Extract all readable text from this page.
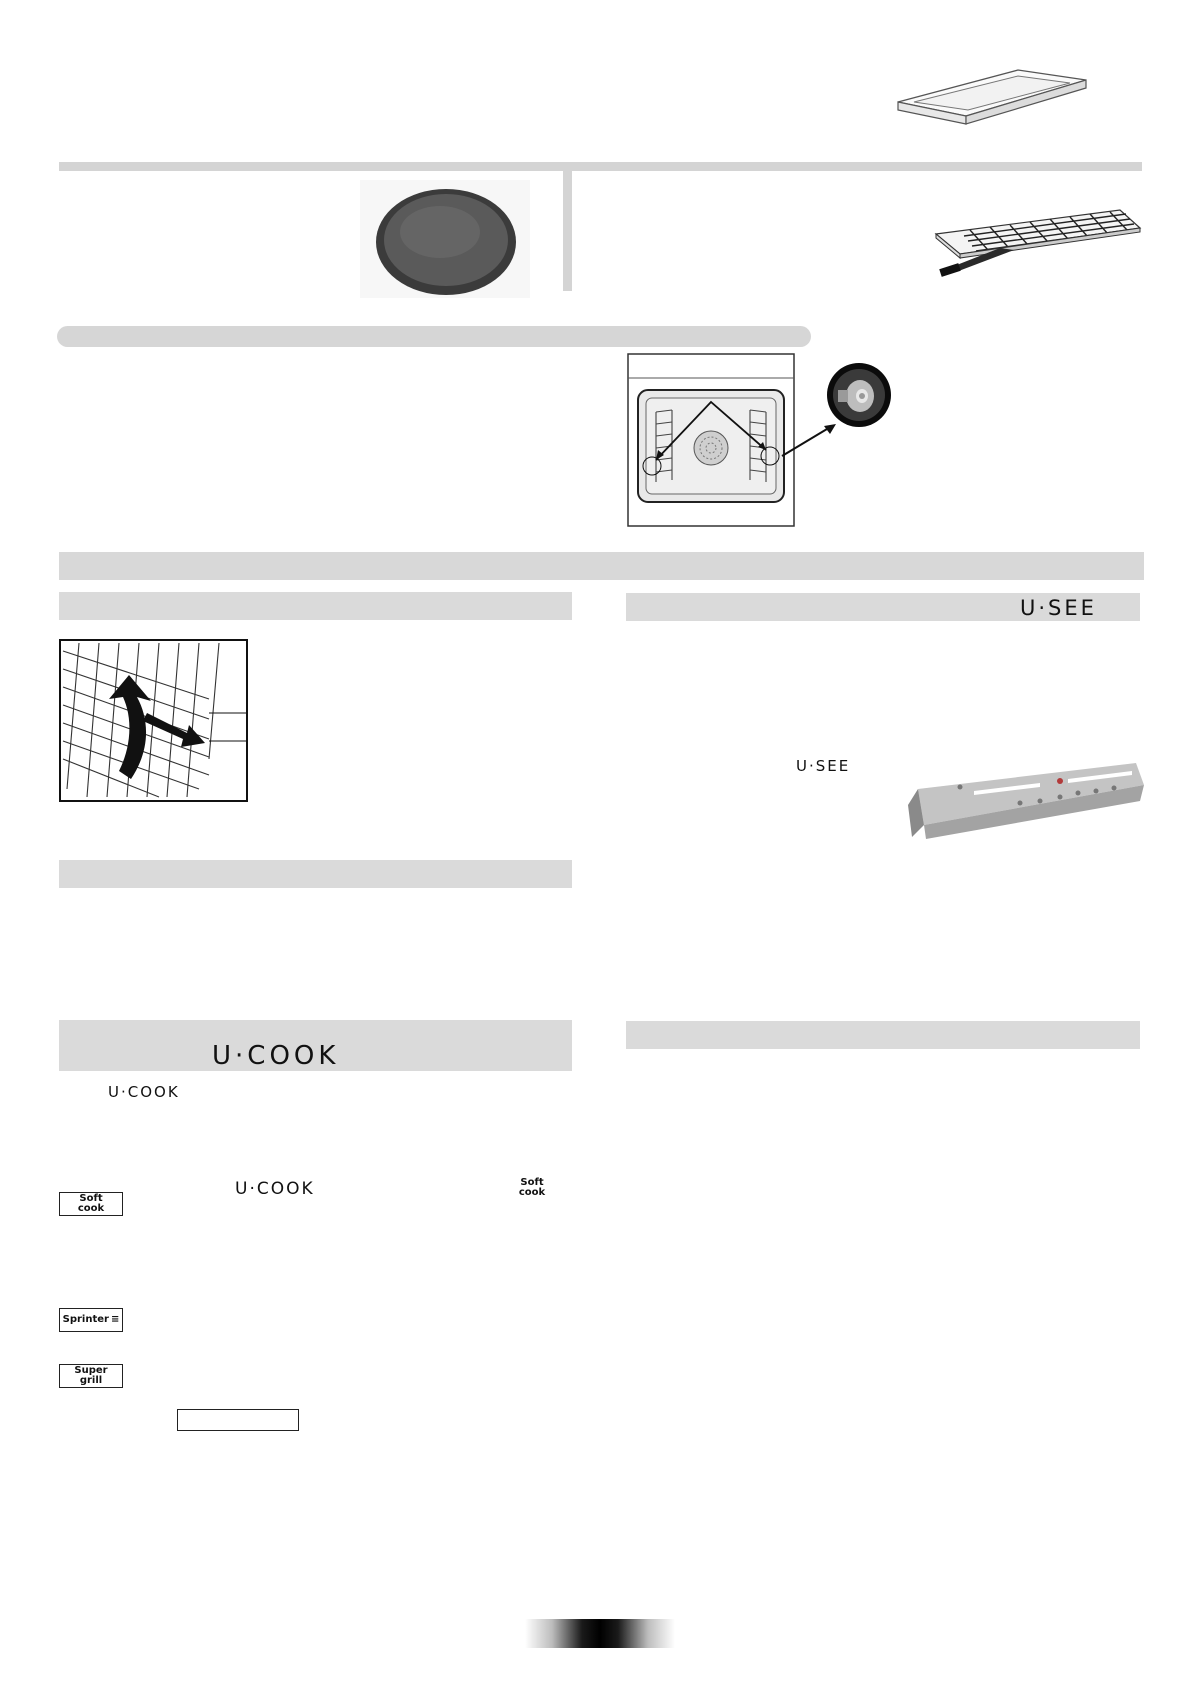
U·COOK
U·COOK
U·COOK	Soft
cook
Soft
cook
Sprinter ≡
Super
grill
U·SEE
U·SEE
